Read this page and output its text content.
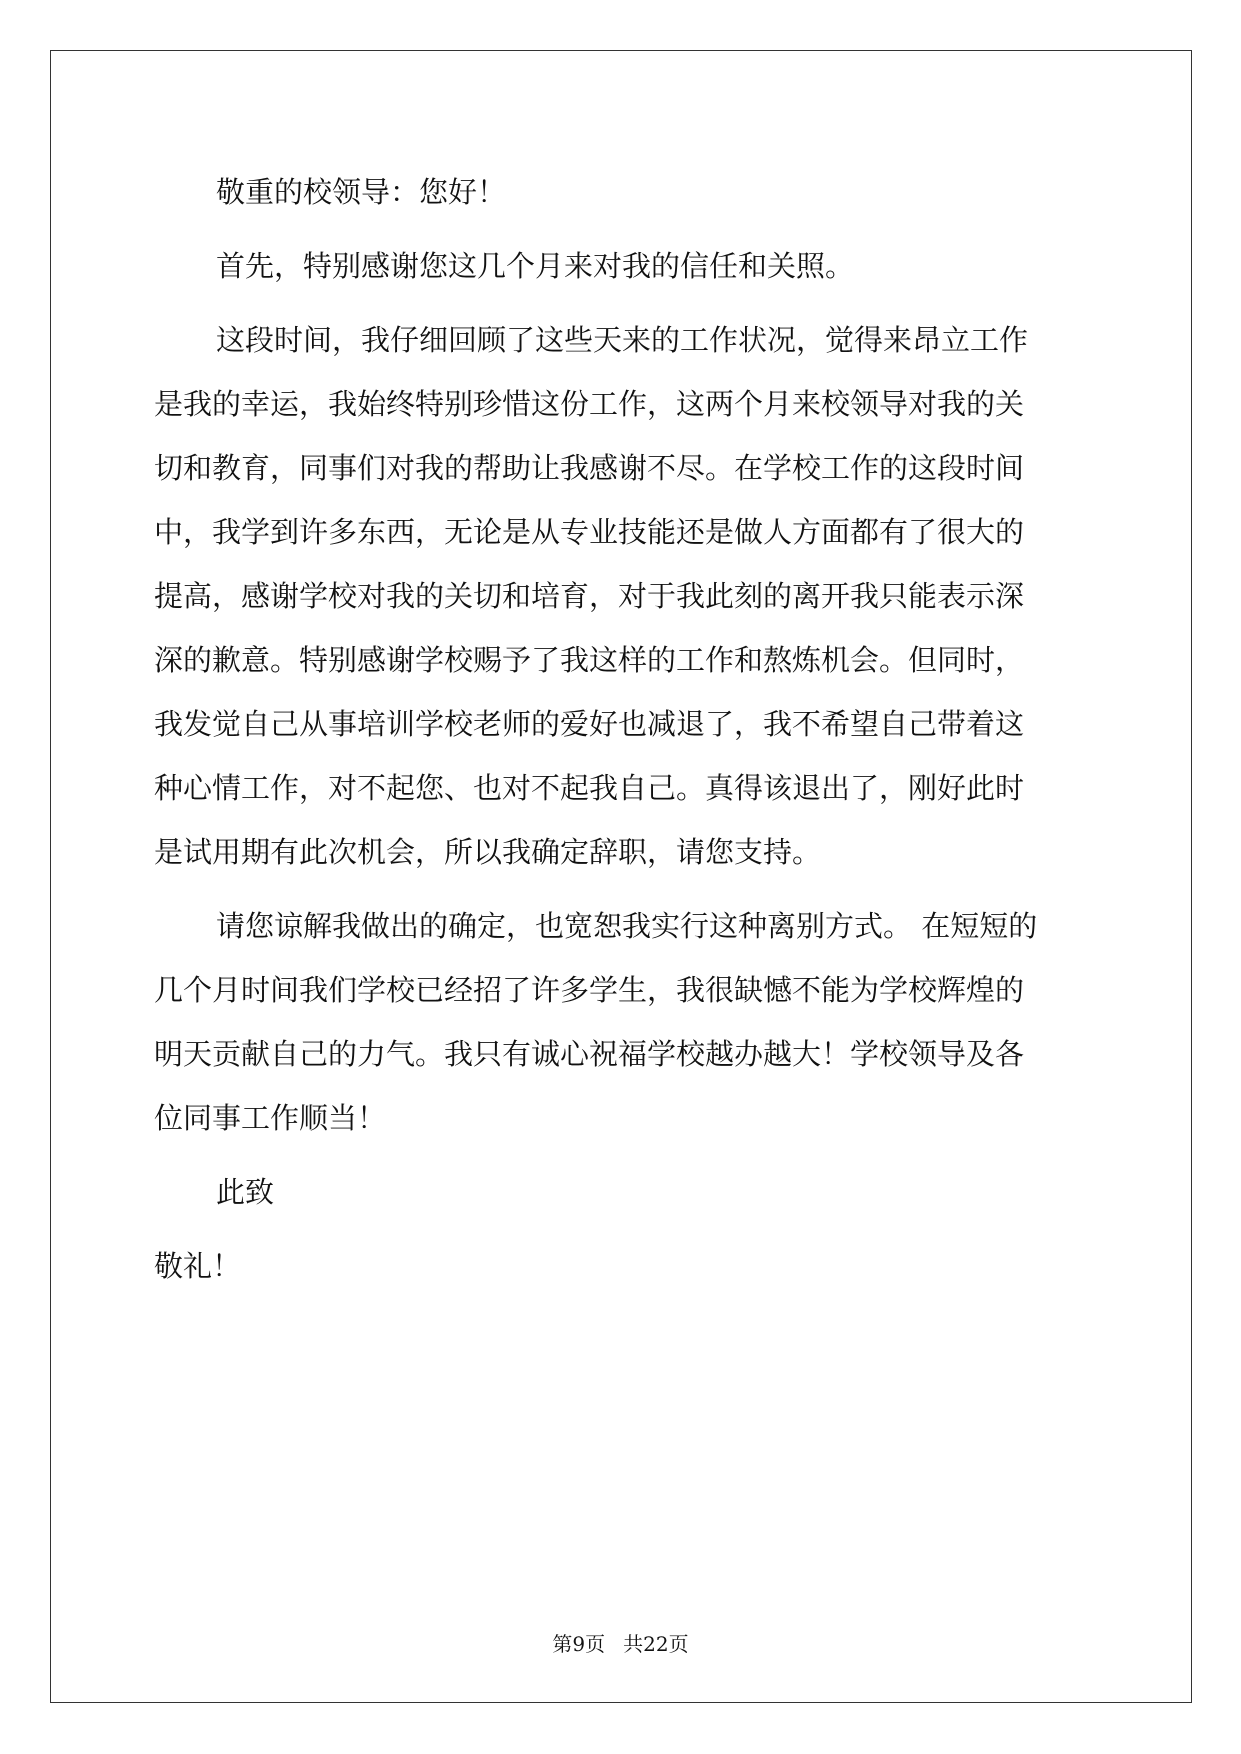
敬重的校领导：您好！

首先，特别感谢您这几个月来对我的信任和关照。

这段时间，我仔细回顾了这些天来的工作状况，觉得来昂立工作

是我的幸运，我始终特别珍惜这份工作，这两个月来校领导对我的关

切和教育，同事们对我的帮助让我感谢不尽。在学校工作的这段时间

中，我学到许多东西，无论是从专业技能还是做人方面都有了很大的

提高，感谢学校对我的关切和培育，对于我此刻的离开我只能表示深

深的歉意。特别感谢学校赐予了我这样的工作和熬炼机会。但同时，

我发觉自己从事培训学校老师的爱好也减退了，我不希望自己带着这

种心情工作，对不起您、也对不起我自己。真得该退出了，刚好此时

是试用期有此次机会，所以我确定辞职，请您支持。

请您谅解我做出的确定，也宽恕我实行这种离别方式。 在短短的

几个月时间我们学校已经招了许多学生，我很缺憾不能为学校辉煌的

明天贡献自己的力气。我只有诚心祝福学校越办越大！学校领导及各

位同事工作顺当！

此致

敬礼！

第9页 共22页
